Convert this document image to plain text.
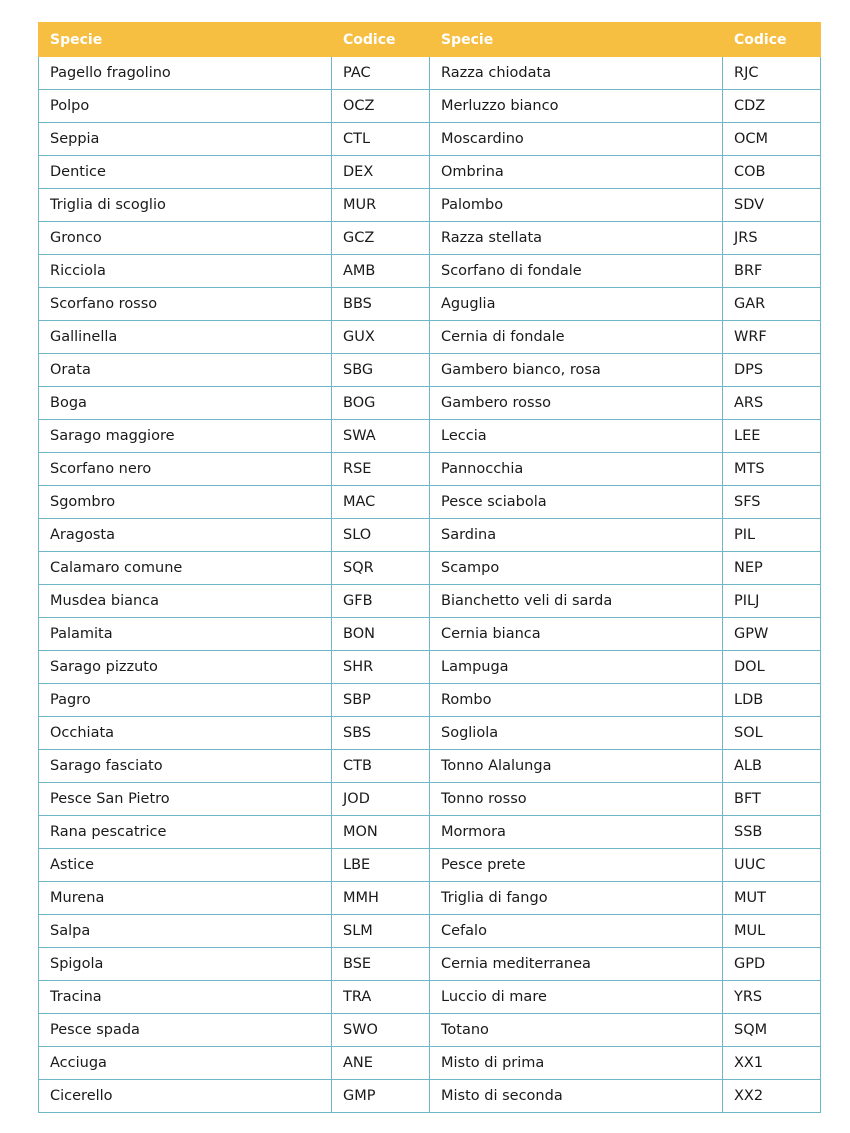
Specie	Codice	Specie	Codice
Pagello fragolino	PAC	Razza chiodata	RJC
Polpo	OCZ	Merluzzo bianco	CDZ
Seppia	CTL	Moscardino	OCM
Dentice	DEX	Ombrina	COB
Triglia di scoglio	MUR	Palombo	SDV
Gronco	GCZ	Razza stellata	JRS
Ricciola	AMB	Scorfano di fondale	BRF
Scorfano rosso	BBS	Aguglia	GAR
Gallinella	GUX	Cernia di fondale	WRF
Orata	SBG	Gambero bianco, rosa	DPS
Boga	BOG	Gambero rosso	ARS
Sarago maggiore	SWA	Leccia	LEE
Scorfano nero	RSE	Pannocchia	MTS
Sgombro	MAC	Pesce sciabola	SFS
Aragosta	SLO	Sardina	PIL
Calamaro comune	SQR	Scampo	NEP
Musdea bianca	GFB	Bianchetto veli di sarda	PILJ
Palamita	BON	Cernia bianca	GPW
Sarago pizzuto	SHR	Lampuga	DOL
Pagro	SBP	Rombo	LDB
Occhiata	SBS	Sogliola	SOL
Sarago fasciato	CTB	Tonno Alalunga	ALB
Pesce San Pietro	JOD	Tonno rosso	BFT
Rana pescatrice	MON	Mormora	SSB
Astice	LBE	Pesce prete	UUC
Murena	MMH	Triglia di fango	MUT
Salpa	SLM	Cefalo	MUL
Spigola	BSE	Cernia mediterranea	GPD
Tracina	TRA	Luccio di mare	YRS
Pesce spada	SWO	Totano	SQM
Acciuga	ANE	Misto di prima	XX1
Cicerello	GMP	Misto di seconda	XX2
